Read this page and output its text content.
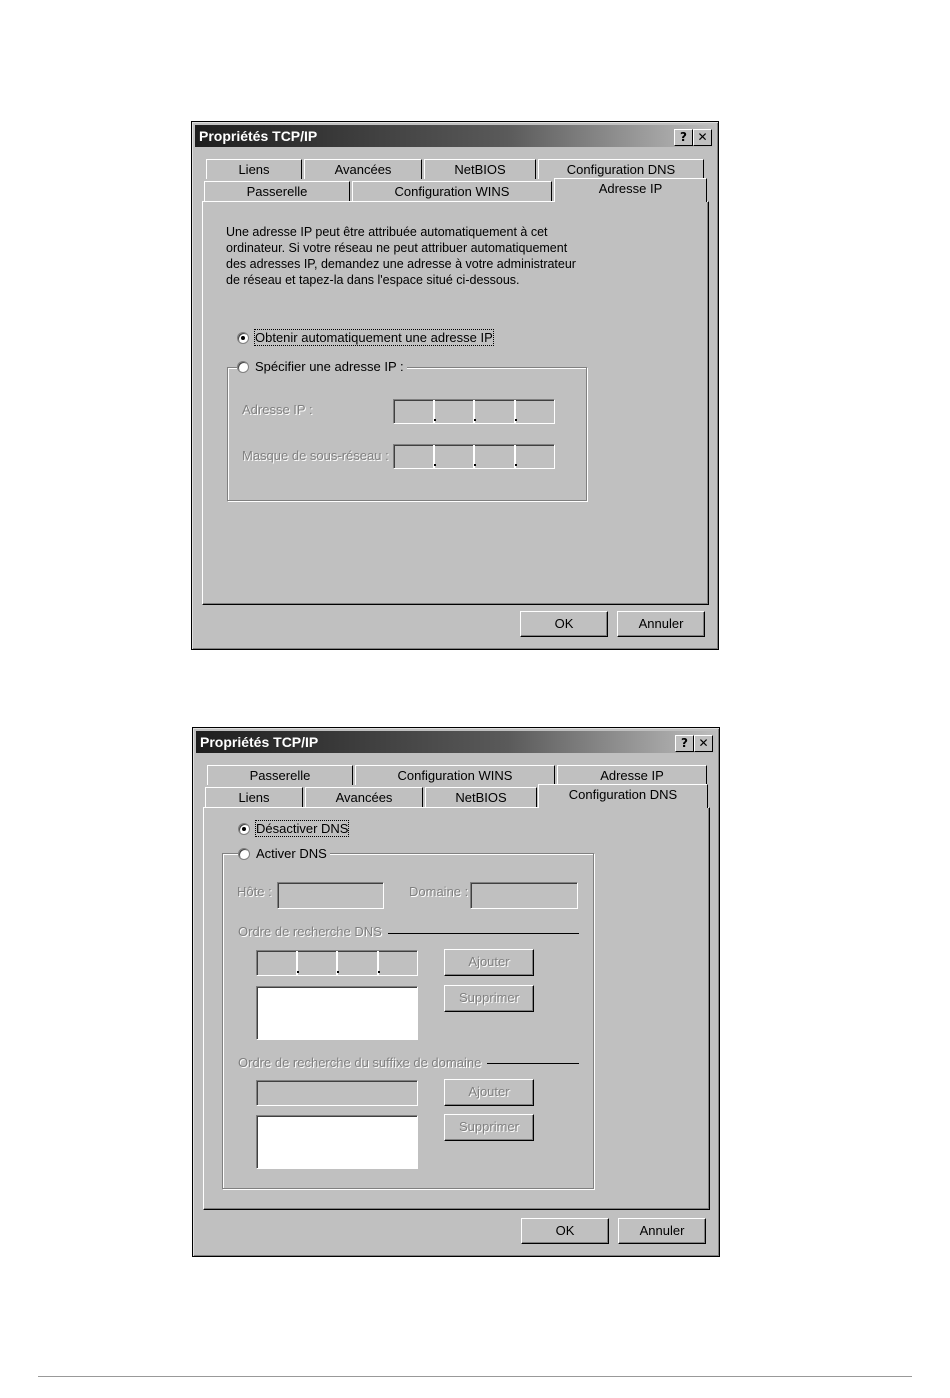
Propriétés TCP/IP	? ✕
Liens	Avancées	NetBIOS	Configuration DNS
Passerelle	Configuration WINS	Adresse IP
Une adresse IP peut être attribuée automatiquement à cet
ordinateur. Si votre réseau ne peut attribuer automatiquement
des adresses IP, demandez une adresse à votre administrateur
de réseau et tapez-la dans l'espace situé ci-dessous.
Obtenir automatiquement une adresse IP
Spécifier une adresse IP :
Adresse IP :
Masque de sous-réseau :
OK	Annuler
Propriétés TCP/IP	? ✕
Passerelle	Configuration WINS	Adresse IP
Liens	Avancées	NetBIOS	Configuration DNS
Désactiver DNS
Activer DNS
Hôte :	Domaine :
Ordre de recherche DNS
Ajouter
Supprimer
Ordre de recherche du suffixe de domaine
Ajouter
Supprimer
OK	Annuler
